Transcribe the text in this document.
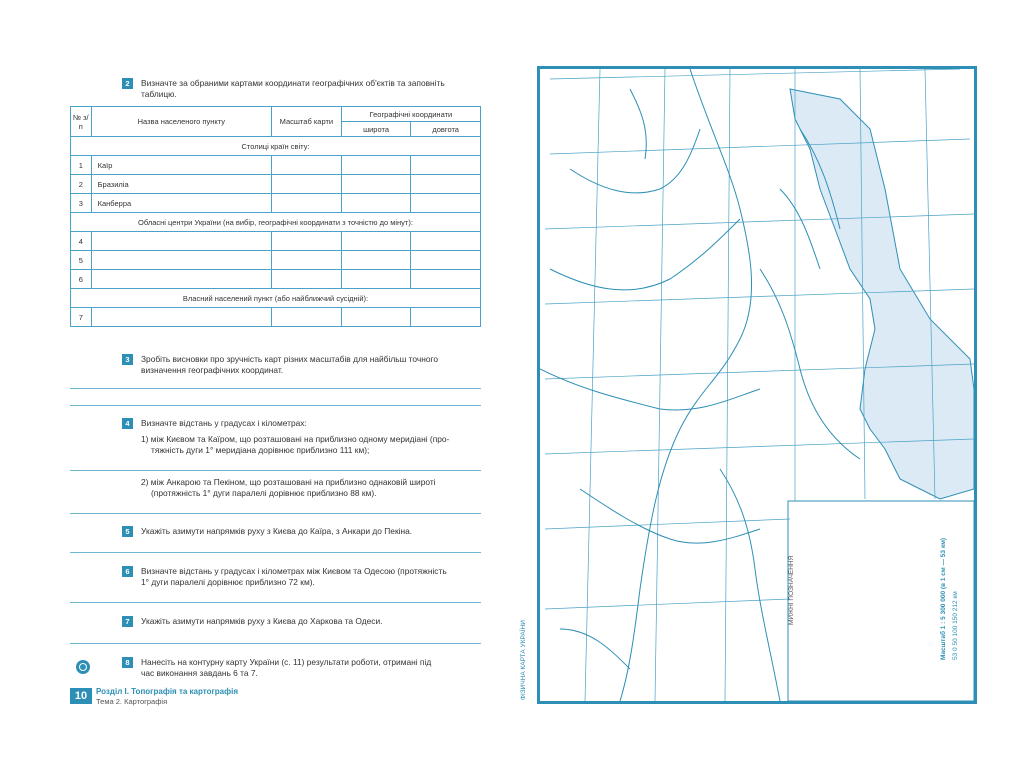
2	Визначте за обраними картами координати географічних об'єктів та заповніть
таблицю.
№ з/п	Назва населеного пункту	Масштаб карти	Географічні координати	
			широта	довгота
Столиці країн світу:				
1	Каїр			
2	Бразиліа			
3	Канберра			
Обласні центри України (на вибір, географічні координати з точністю до мінут):				
4				
5				
6				
Власний населений пункт (або найближчий сусідній):				
7				
3	Зробіть висновки про зручність карт різних масштабів для найбільш точного
визначення географічних координат.
4	Визначте відстань у градусах і кілометрах:
1) між Києвом та Каїром, що розташовані на приблизно одному меридіані (про-
тяжність дуги 1° меридіана дорівнює приблизно 111 км);
2) між Анкарою та Пекіном, що розташовані на приблизно однаковій широті
(протяжність 1° дуги паралелі дорівнює приблизно 88 км).
5	Укажіть азимути напрямків руху з Києва до Каїра, з Анкари до Пекіна.
6	Визначте відстань у градусах і кілометрах між Києвом та Одесою (протяжність
1° дуги паралелі дорівнює приблизно 72 км).
7	Укажіть азимути напрямків руху з Києва до Харкова та Одеси.
8	Нанесіть на контурну карту України (с. 11) результати роботи, отримані під
час виконання завдань 6 та 7.
10	Розділ І. Топографія та картографія
Тема 2. Картографія
ФІЗИЧНА КАРТА УКРАЇНИ
МИЖНІ ПОЗНАЧЕННЯ	Масштаб 1 : 5 300 000 (в 1 см — 53 км) 53 0 50 100 150 212 км
